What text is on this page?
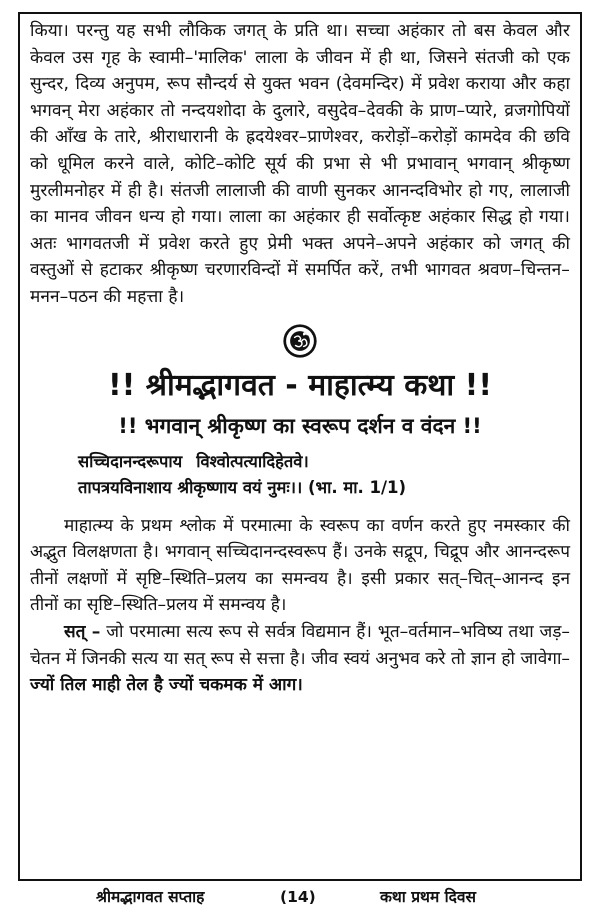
किया। परन्तु यह सभी लौकिक जगत् के प्रति था। सच्चा अहंकार तो बस केवल और केवल उस गृह के स्वामी–'मालिक' लाला के जीवन में ही था, जिसने संतजी को एक सुन्दर, दिव्य अनुपम, रूप सौन्दर्य से युक्त भवन (देवमन्दिर) में प्रवेश कराया और कहा भगवन् मेरा अहंकार तो नन्दयशोदा के दुलारे, वसुदेव–देवकी के प्राण–प्यारे, व्रजगोपियों की आँख के तारे, श्रीराधारानी के ह्रदयेश्वर–प्राणेश्वर, करोड़ों–करोड़ों कामदेव की छवि को धूमिल करने वाले, कोटि–कोटि सूर्य की प्रभा से भी प्रभावान् भगवान् श्रीकृष्ण मुरलीमनोहर में ही है। संतजी लालाजी की वाणी सुनकर आनन्दविभोर हो गए, लालाजी का मानव जीवन धन्य हो गया। लाला का अहंकार ही सर्वोत्कृष्ट अहंकार सिद्ध हो गया। अतः भागवतजी में प्रवेश करते हुए प्रेमी भक्त अपने–अपने अहंकार को जगत् की वस्तुओं से हटाकर श्रीकृष्ण चरणारविन्दों में समर्पित करें, तभी भागवत श्रवण–चिन्तन–मनन–पठन की महत्ता है।

!! श्रीमद्भागवत - माहात्म्य कथा !!
!! भगवान् श्रीकृष्ण का स्वरूप दर्शन व वंदन !!
सच्चिदानन्दरूपाय विश्वोत्पत्यादिहेतवे।
तापत्रयविनाशाय श्रीकृष्णाय वयं नुमः।। (भा. मा. 1/1)

माहात्म्य के प्रथम श्लोक में परमात्मा के स्वरूप का वर्णन करते हुए नमस्कार की अद्भुत विलक्षणता है। भगवान् सच्चिदानन्दस्वरूप हैं। उनके सद्रूप, चिद्रूप और आनन्दरूप तीनों लक्षणों में सृष्टि–स्थिति–प्रलय का समन्वय है। इसी प्रकार सत्–चित्–आनन्द इन तीनों का सृष्टि–स्थिति–प्रलय में समन्वय है।

सत् – जो परमात्मा सत्य रूप से सर्वत्र विद्यमान हैं। भूत–वर्तमान–भविष्य तथा जड़–चेतन में जिनकी सत्य या सत् रूप से सत्ता है। जीव स्वयं अनुभव करे तो ज्ञान हो जावेगा–ज्यों तिल माही तेल है ज्यों चकमक में आग।

श्रीमद्भागवत सप्ताह	(14)	कथा प्रथम दिवस
